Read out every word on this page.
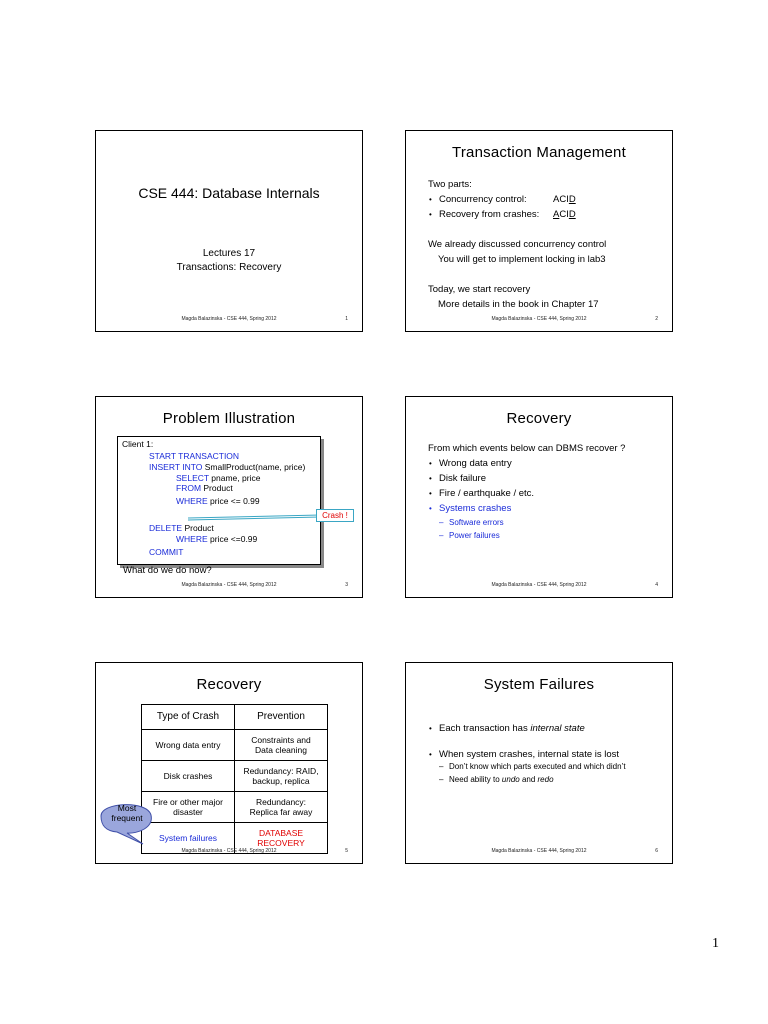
CSE 444: Database Internals
Lectures 17
Transactions: Recovery
Magda Balazinska - CSE 444, Spring 2012	1
Transaction Management
Two parts:
• Concurrency control:	ACID
• Recovery from crashes: ACID
We already discussed concurrency control
You will get to implement locking in lab3
Today, we start recovery
More details in the book in Chapter 17
Magda Balazinska - CSE 444, Spring 2012	2
Problem Illustration
Client 1:
START TRANSACTION
INSERT INTO SmallProduct(name, price)
SELECT pname, price
FROM Product
WHERE price <= 0.99
DELETE Product
WHERE price <=0.99
COMMIT
Crash !
What do we do now?
Magda Balazinska - CSE 444, Spring 2012	3
Recovery
From which events below can DBMS recover ?
• Wrong data entry
• Disk failure
• Fire / earthquake / etc.
• Systems crashes
– Software errors
– Power failures
Magda Balazinska - CSE 444, Spring 2012	4
Recovery
Type of Crash	Prevention
Wrong data entry	Constraints and Data cleaning
Disk crashes	Redundancy: RAID, backup, replica
Fire or other major disaster	Redundancy: Replica far away
System failures	DATABASE RECOVERY
Most frequent
Magda Balazinska - CSE 444, Spring 2012	5
System Failures
• Each transaction has internal state
• When system crashes, internal state is lost
– Don’t know which parts executed and which didn’t
– Need ability to undo and redo
Magda Balazinska - CSE 444, Spring 2012	6
1
